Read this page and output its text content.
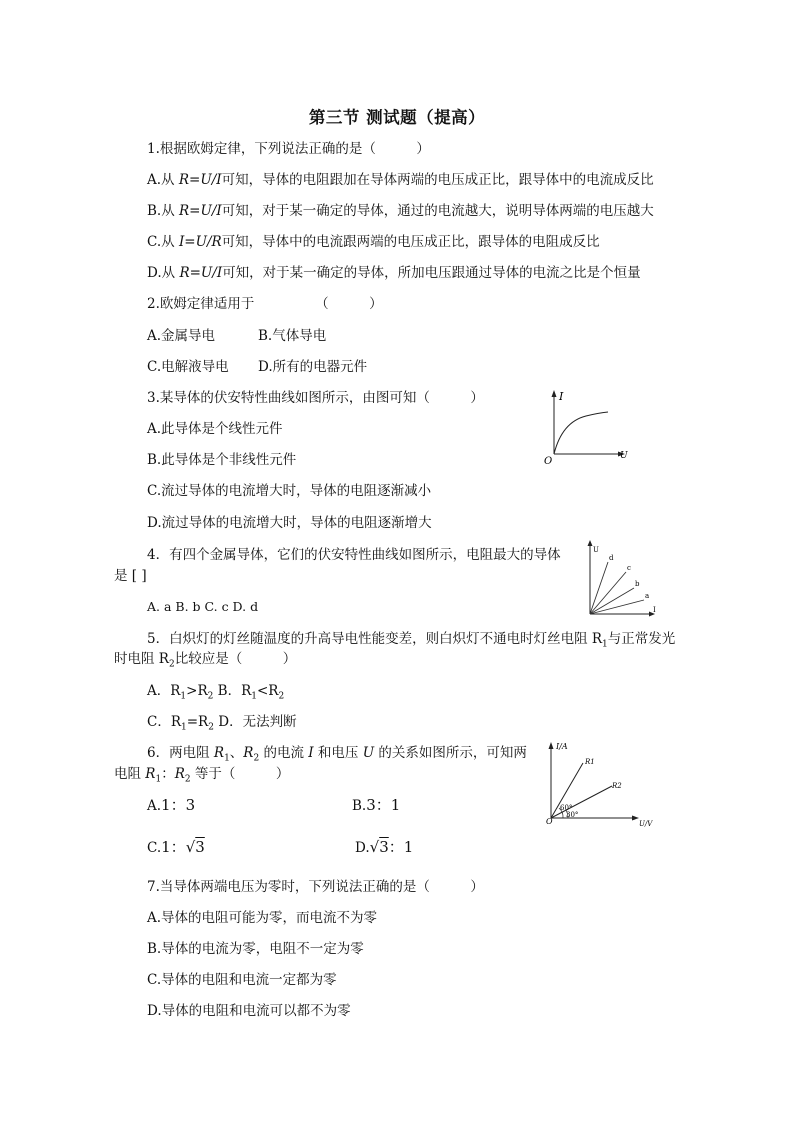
第三节 测试题（提高）
1.根据欧姆定律，下列说法正确的是（　　　）
A.从 R=U/I可知，导体的电阻跟加在导体两端的电压成正比，跟导体中的电流成反比
B.从 R=U/I可知，对于某一确定的导体，通过的电流越大，说明导体两端的电压越大
C.从 I=U/R可知，导体中的电流跟两端的电压成正比，跟导体的电阻成反比
D.从 R=U/I可知，对于某一确定的导体，所加电压跟通过导体的电流之比是个恒量
2.欧姆定律适用于　　　　　（　　　）
A.金属导电	B.气体导电
C.电解液导电 D.所有的电器元件
3.某导体的伏安特性曲线如图所示，由图可知（　　　）
A.此导体是个线性元件
B.此导体是个非线性元件
C.流过导体的电流增大时，导体的电阻逐渐减小
D.流过导体的电流增大时，导体的电阻逐渐增大
I
U
O
4．有四个金属导体，它们的伏安特性曲线如图所示，电阻最大的导体
是 [ ]
A. a B. b C. c D. d
d
c
b
a
U
I
5．白炽灯的灯丝随温度的升高导电性能变差，则白炽灯不通电时灯丝电阻 $R_1$与正常发光
时电阻 $R_2$比较应是（　　　）
A．$R_1>R_2$ B．$R_1<R_2$
C．$R_1=R_2$ D．无法判断
6．两电阻 $R_1$、$R_2$ 的电流 I 和电压 U 的关系如图所示，可知两
电阻 $R_1$：$R_2$ 等于（　　　）
A.1：3	B.3：1
C.1：√3	D.√3：1
I/A
U/V
O
R1
R2
60°
30°
7.当导体两端电压为零时，下列说法正确的是（　　　）
A.导体的电阻可能为零，而电流不为零
B.导体的电流为零，电阻不一定为零
C.导体的电阻和电流一定都为零
D.导体的电阻和电流可以都不为零
